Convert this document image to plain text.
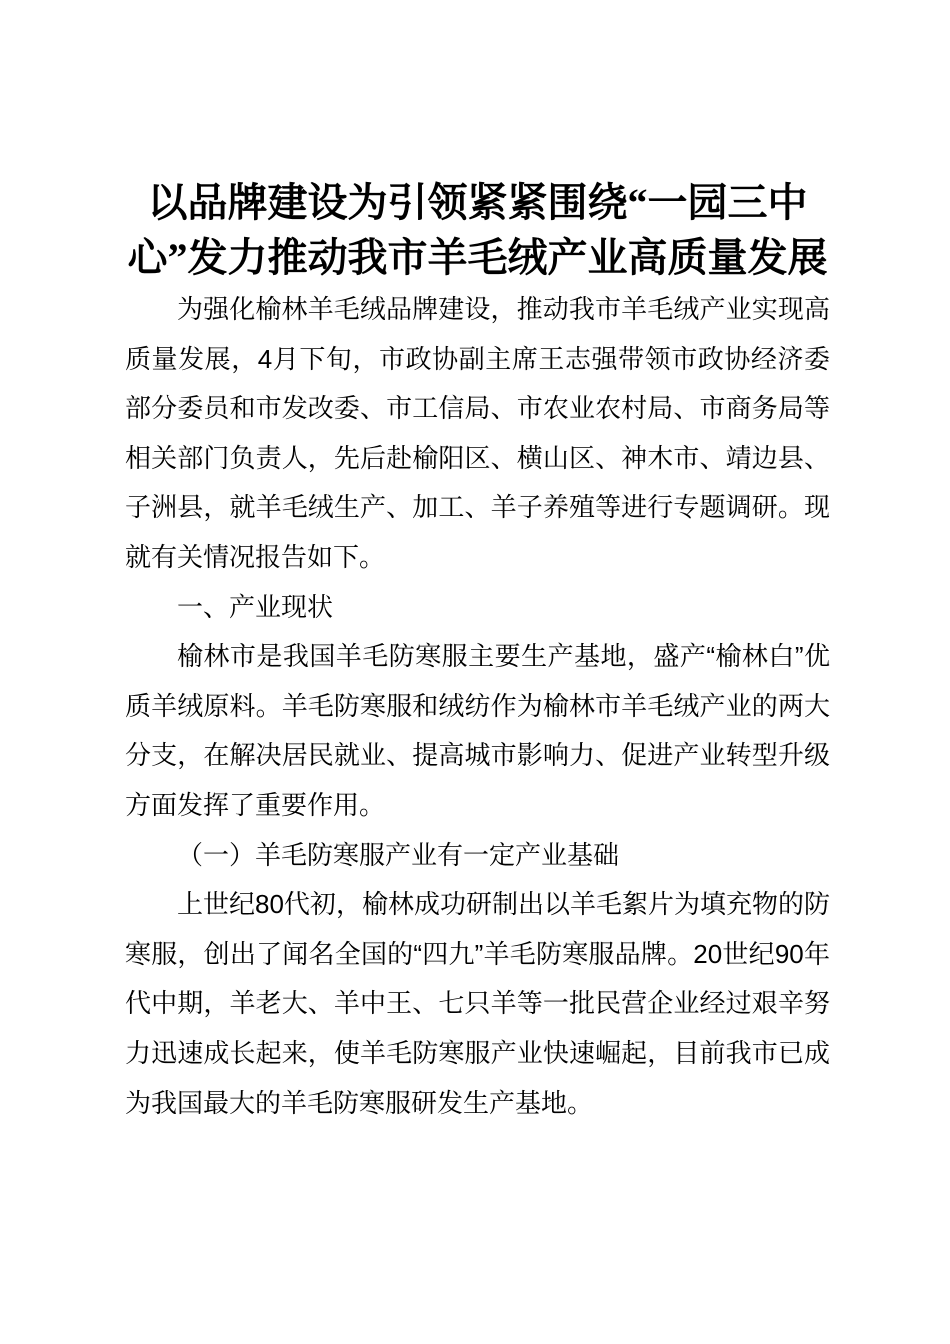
以品牌建设为引领紧紧围绕“一园三中心”发力推动我市羊毛绒产业高质量发展

为强化榆林羊毛绒品牌建设，推动我市羊毛绒产业实现高质量发展，4月下旬，市政协副主席王志强带领市政协经济委部分委员和市发改委、市工信局、市农业农村局、市商务局等相关部门负责人，先后赴榆阳区、横山区、神木市、靖边县、子洲县，就羊毛绒生产、加工、羊子养殖等进行专题调研。现就有关情况报告如下。

一、产业现状

榆林市是我国羊毛防寒服主要生产基地，盛产“榆林白”优质羊绒原料。羊毛防寒服和绒纺作为榆林市羊毛绒产业的两大分支，在解决居民就业、提高城市影响力、促进产业转型升级方面发挥了重要作用。

（一）羊毛防寒服产业有一定产业基础

上世纪80代初，榆林成功研制出以羊毛絮片为填充物的防寒服，创出了闻名全国的“四九”羊毛防寒服品牌。20世纪90年代中期，羊老大、羊中王、七只羊等一批民营企业经过艰辛努力迅速成长起来，使羊毛防寒服产业快速崛起，目前我市已成为我国最大的羊毛防寒服研发生产基地。
